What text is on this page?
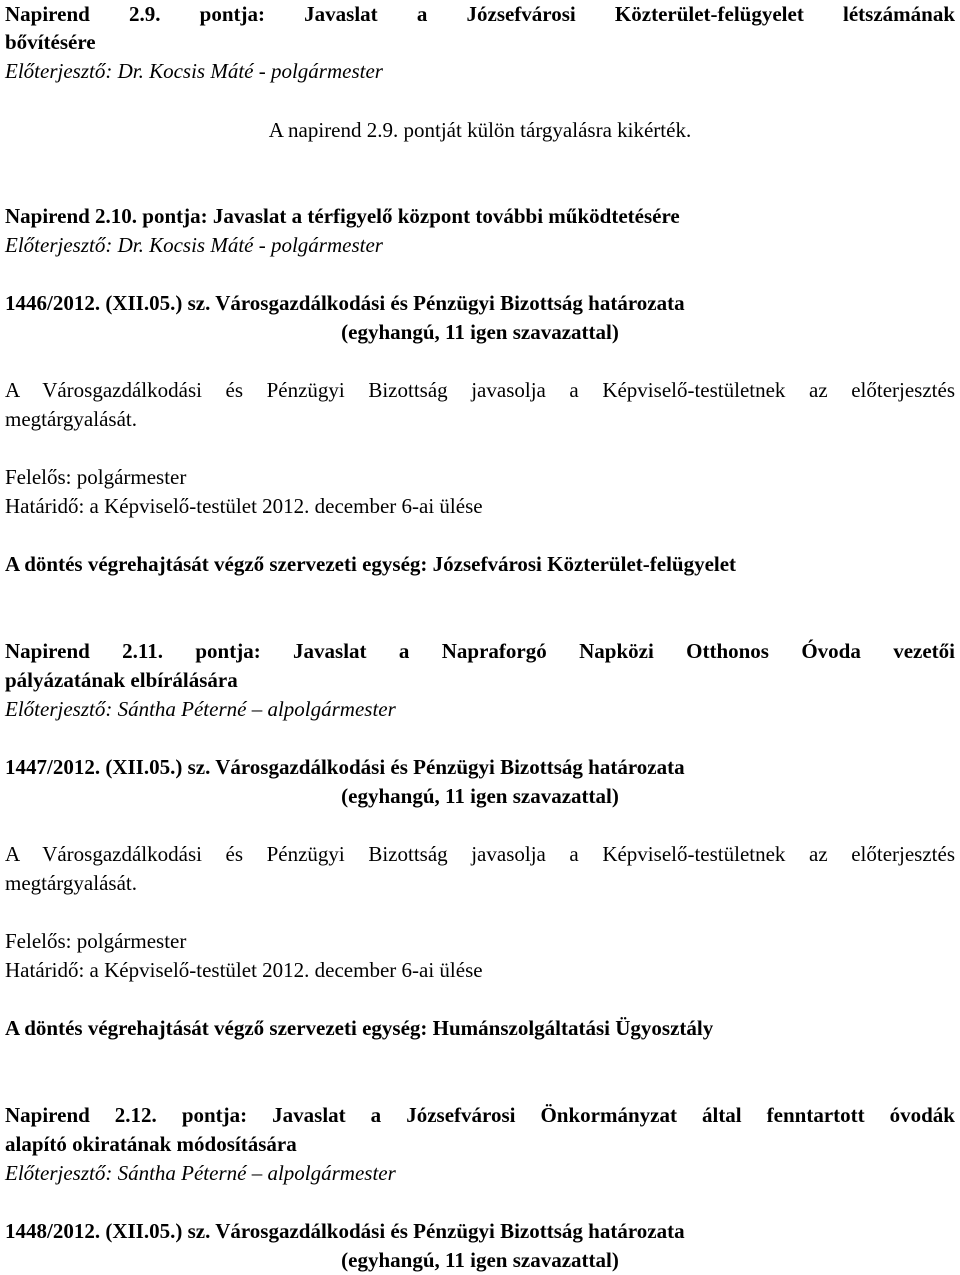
Napirend 2.9. pontja: Javaslat a Józsefvárosi Közterület-felügyelet létszámának
bővítésére
Előterjesztő: Dr. Kocsis Máté - polgármester
A napirend 2.9. pontját külön tárgyalásra kikérték.
Napirend 2.10. pontja: Javaslat a térfigyelő központ további működtetésére
Előterjesztő: Dr. Kocsis Máté - polgármester
1446/2012. (XII.05.) sz. Városgazdálkodási és Pénzügyi Bizottság határozata
(egyhangú, 11 igen szavazattal)
A Városgazdálkodási és Pénzügyi Bizottság javasolja a Képviselő-testületnek az előterjesztés
megtárgyalását.
Felelős: polgármester
Határidő: a Képviselő-testület 2012. december 6-ai ülése
A döntés végrehajtását végző szervezeti egység: Józsefvárosi Közterület-felügyelet
Napirend 2.11. pontja: Javaslat a Napraforgó Napközi Otthonos Óvoda vezetői
pályázatának elbírálására
Előterjesztő: Sántha Péterné – alpolgármester
1447/2012. (XII.05.) sz. Városgazdálkodási és Pénzügyi Bizottság határozata
(egyhangú, 11 igen szavazattal)
A Városgazdálkodási és Pénzügyi Bizottság javasolja a Képviselő-testületnek az előterjesztés
megtárgyalását.
Felelős: polgármester
Határidő: a Képviselő-testület 2012. december 6-ai ülése
A döntés végrehajtását végző szervezeti egység: Humánszolgáltatási Ügyosztály
Napirend 2.12. pontja: Javaslat a Józsefvárosi Önkormányzat által fenntartott óvodák
alapító okiratának módosítására
Előterjesztő: Sántha Péterné – alpolgármester
1448/2012. (XII.05.) sz. Városgazdálkodási és Pénzügyi Bizottság határozata
(egyhangú, 11 igen szavazattal)
